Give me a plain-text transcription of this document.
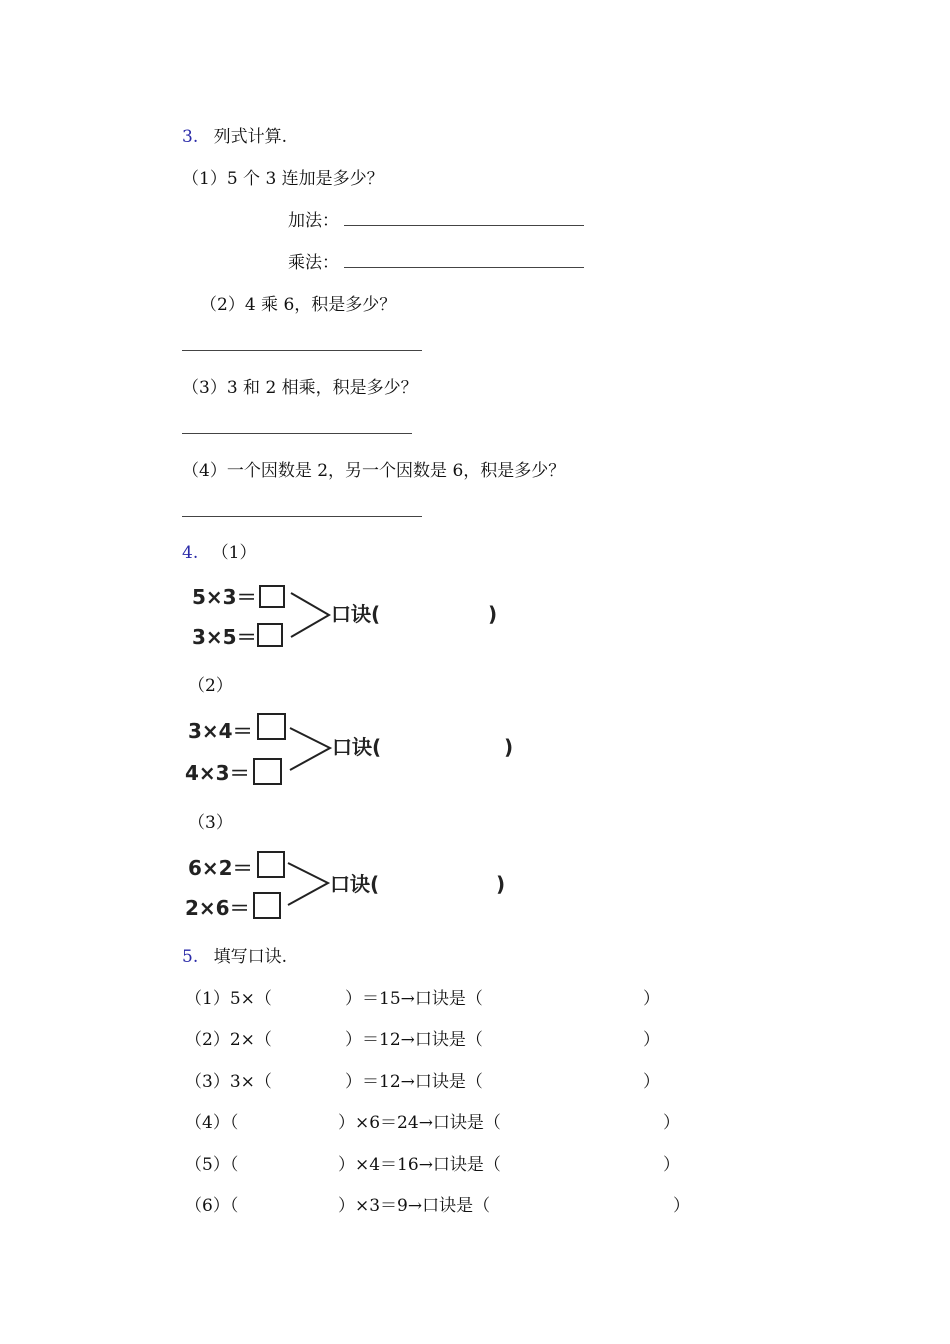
3. 列式计算.
（1）5 个 3 连加是多少？
加法：
乘法：
（2）4 乘 6，积是多少？
（3）3 和 2 相乘，积是多少？
（4）一个因数是 2，另一个因数是 6，积是多少？
4. （1）
5×3＝
3×5＝
口诀(	)
（2）
3×4＝
4×3＝
口诀(	)
（3）
6×2＝
2×6＝
口诀(	)
5. 填写口诀.
（1）5×（	）＝15→口诀是（	）
（2）2×（	）＝12→口诀是（	）
（3）3×（	）＝12→口诀是（	）
（4）（	）×6＝24→口诀是（	）
（5）（	）×4＝16→口诀是（	）
（6）（	）×3＝9→口诀是（	）
